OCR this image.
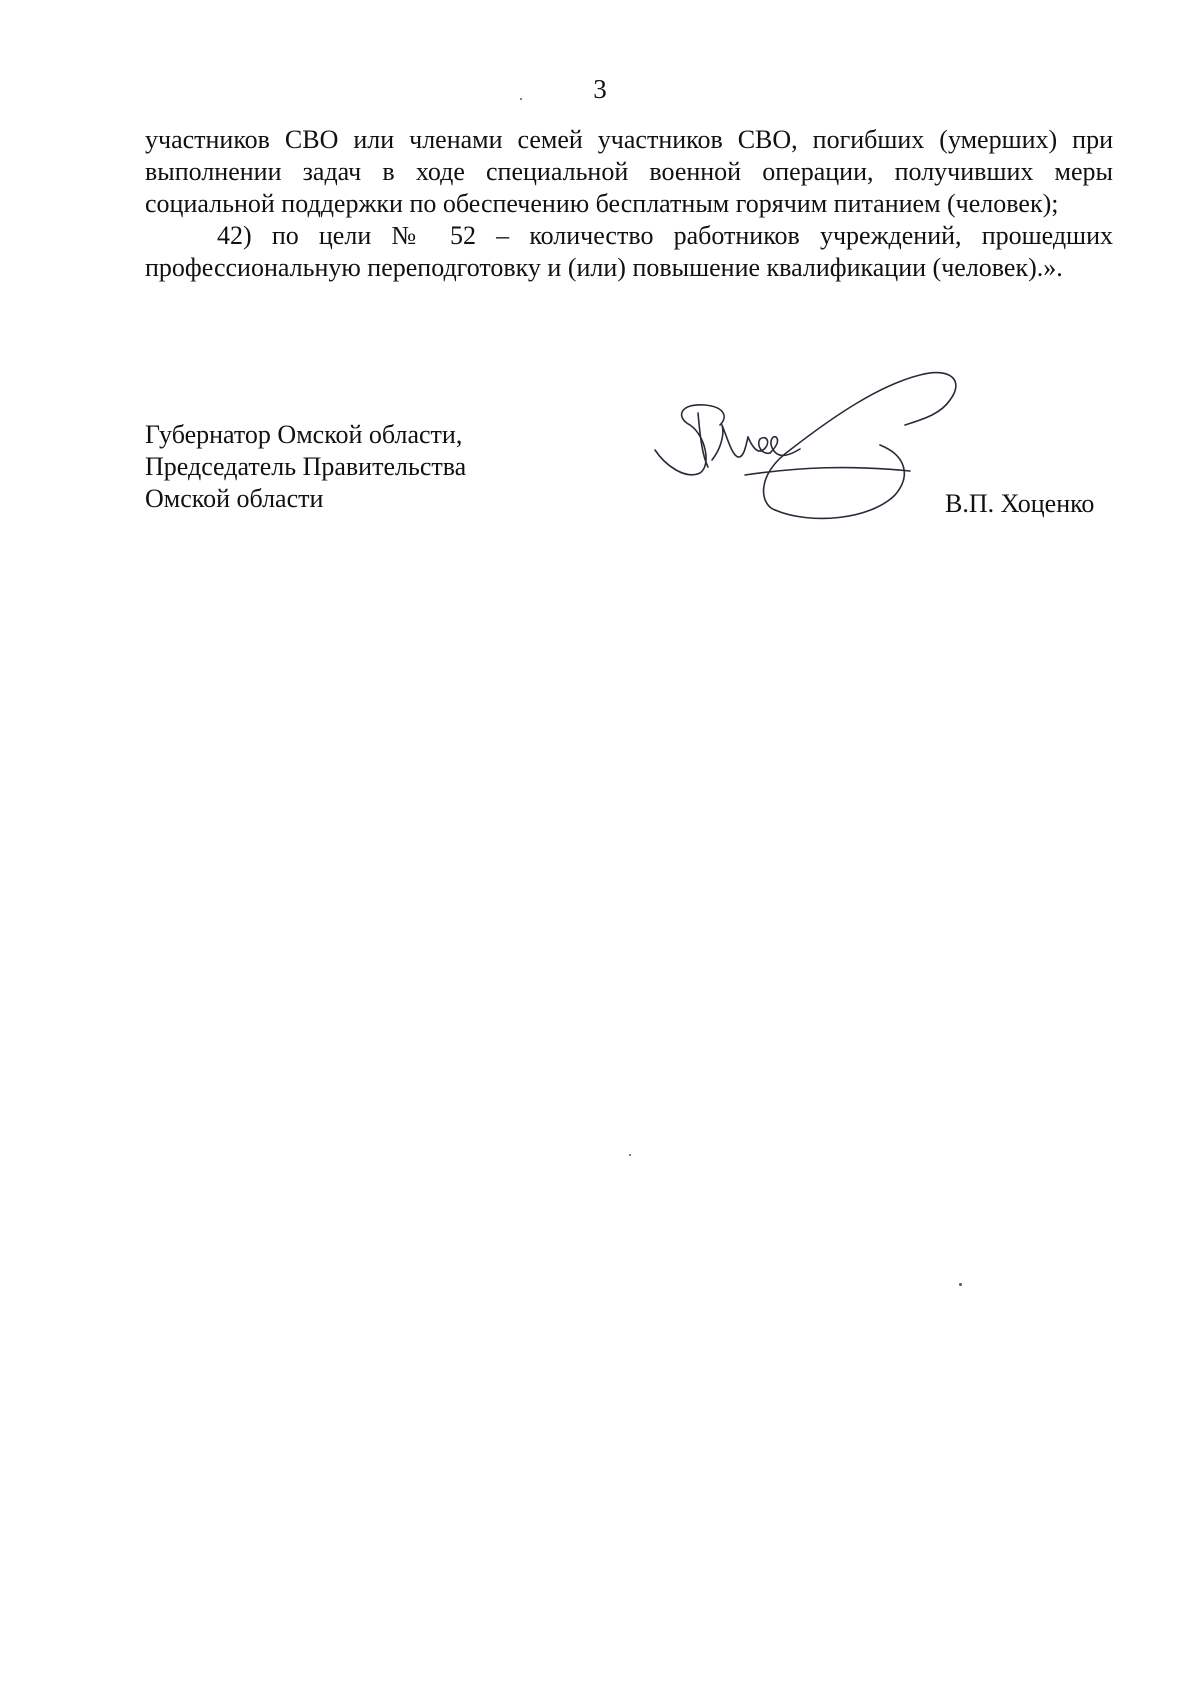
3

участников СВО или членами семей участников СВО, погибших (умерших) при выполнении задач в ходе специальной военной операции, получивших меры социальной поддержки по обеспечению бесплатным горячим питанием (человек);

42) по цели № 52 – количество работников учреждений, прошедших профессиональную переподготовку и (или) повышение квалификации (человек).».

Губернатор Омской области,
Председатель Правительства
Омской области	В.П. Хоценко
